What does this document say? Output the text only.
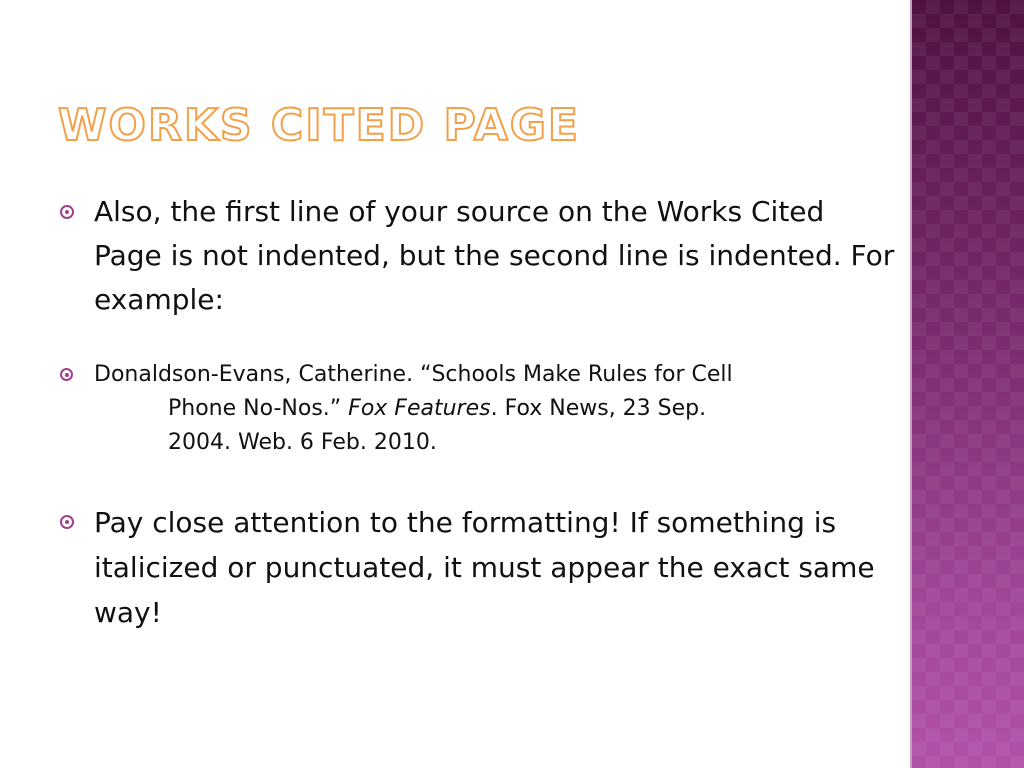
WORKS CITED PAGE
Also, the first line of your source on the Works Cited Page is not indented, but the second line is indented. For example:
Donaldson-Evans, Catherine. “Schools Make Rules for Cell
Phone No-Nos.” Fox Features. Fox News, 23 Sep.
2004. Web. 6 Feb. 2010.
Pay close attention to the formatting! If something is italicized or punctuated, it must appear the exact same way!
